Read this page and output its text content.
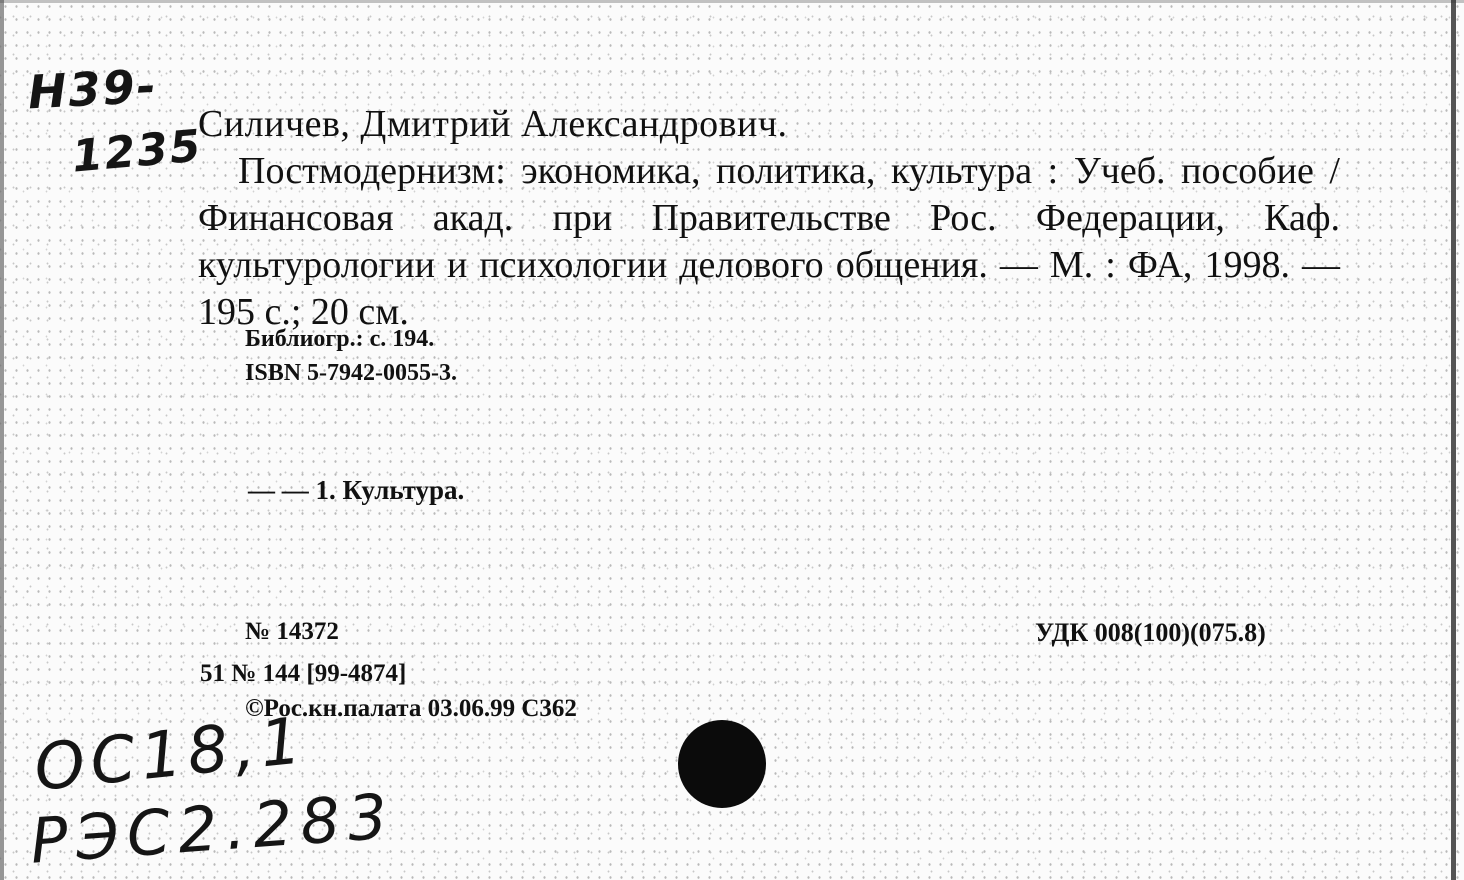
Н39-
1235
Силичев, Дмитрий Александрович.
Постмодернизм: экономика, политика, культура : Учеб. пособие / Финансовая акад. при Правительстве Рос. Федерации, Каф. культурологии и психологии делового общения. — М. : ФА, 1998. — 195 с.; 20 см.
Библиогр.: с. 194.
ISBN 5-7942-0055-3.
— — 1. Культура.
№ 14372	УДК 008(100)(075.8)
51 № 144 [99-4874]
©Рос.кн.палата 03.06.99 С362
ОС18,1
РЭС2.283
